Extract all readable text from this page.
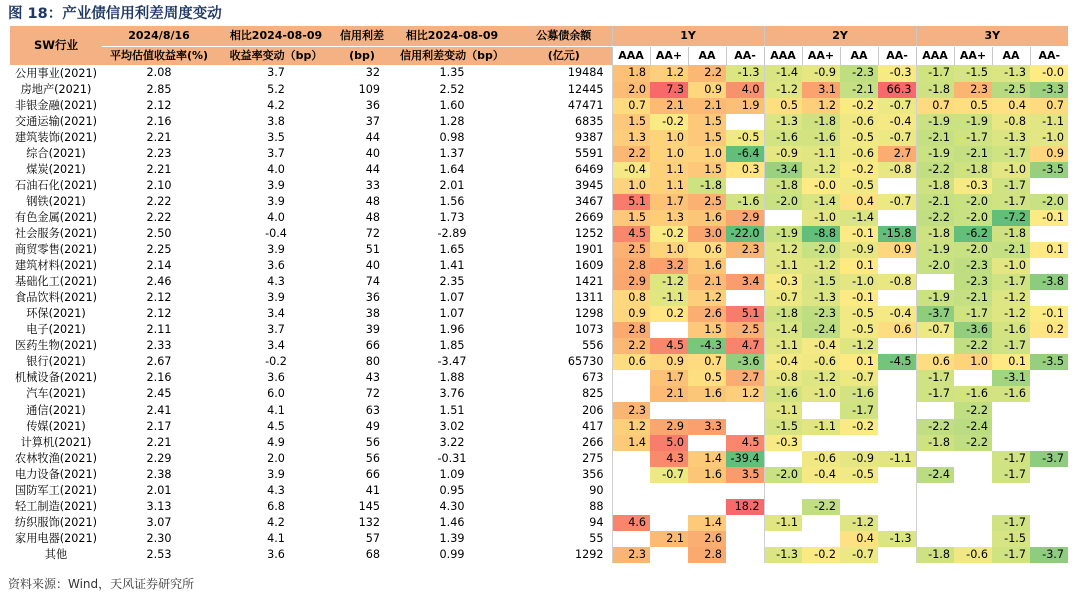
图 18：产业债信用利差周度变动
SW行业	2024/8/16	相比2024-08-09	信用利差	相比2024-08-09	公募债余额	1Y				2Y				3Y			
	平均估值收益率(%)	收益率变动（bp）	(bp)	信用利差变动（bp）	(亿元)	AAA	AA+	AA	AA-	AAA	AA+	AA	AA-	AAA	AA+	AA	AA-
公用事业(2021)	2.08	3.7	32	1.35	19484	1.8	1.2	2.2	-1.3	-1.4	-0.9	-2.3	-0.3	-1.7	-1.5	-1.3	-0.0
房地产(2021)	2.85	5.2	109	2.52	12445	2.0	7.3	0.9	4.0	-1.2	3.1	-2.1	66.3	-1.8	2.3	-2.5	-3.3
非银金融(2021)	2.12	4.2	36	1.60	47471	0.7	2.1	2.1	1.9	0.5	1.2	-0.2	-0.7	0.7	0.5	0.4	0.7
交通运输(2021)	2.16	3.8	37	1.28	6835	1.5	-0.2	1.5		-1.3	-1.8	-0.6	-0.4	-1.9	-1.9	-0.8	-1.1
建筑装饰(2021)	2.21	3.5	44	0.98	9387	1.3	1.0	1.5	-0.5	-1.6	-1.6	-0.5	-0.7	-2.1	-1.7	-1.3	-1.0
综合(2021)	2.23	3.7	40	1.37	5591	2.2	1.0	1.0	-6.4	-0.9	-1.1	-0.6	2.7	-1.9	-2.1	-1.7	0.9
煤炭(2021)	2.21	4.0	44	1.64	6469	-0.4	1.1	1.5	0.3	-3.4	-1.2	-0.2	-0.8	-2.2	-1.8	-1.0	-3.5
石油石化(2021)	2.10	3.9	33	2.01	3945	1.0	1.1	-1.8		-1.8	-0.0	-0.5		-1.8	-0.3	-1.7	
钢铁(2021)	2.22	3.9	48	1.56	3467	5.1	1.7	2.5	-1.6	-2.0	-1.4	0.4	-0.7	-2.1	-2.0	-1.7	-2.0
有色金属(2021)	2.22	4.0	48	1.73	2669	1.5	1.3	1.6	2.9		-1.0	-1.4		-2.2	-2.0	-7.2	-0.1
社会服务(2021)	2.50	-0.4	72	-2.89	1252	4.5	-0.2	3.0	-22.0	-1.9	-8.8	-0.1	-15.8	-1.8	-6.2	-1.8	
商贸零售(2021)	2.25	3.9	51	1.65	1901	2.5	1.0	0.6	2.3	-1.2	-2.0	-0.9	0.9	-1.9	-2.0	-2.1	0.1
建筑材料(2021)	2.14	3.6	40	1.41	1609	2.8	3.2	1.6		-1.1	-1.2	0.1		-2.0	-2.3	-1.0	
基础化工(2021)	2.46	4.3	74	2.35	1421	2.9	-1.2	2.1	3.4	-0.3	-1.5	-1.0	-0.8		-2.3	-1.7	-3.8
食品饮料(2021)	2.12	3.9	36	1.07	1311	0.8	-1.1	1.2		-0.7	-1.3	-0.1		-1.9	-2.1	-1.2	
环保(2021)	2.12	3.4	38	1.07	1298	0.9	0.2	2.6	5.1	-1.8	-2.3	-0.5	-0.4	-3.7	-1.7	-1.2	-0.1
电子(2021)	2.11	3.7	39	1.96	1073	2.8		1.5	2.5	-1.4	-2.4	-0.5	0.6	-0.7	-3.6	-1.6	0.2
医药生物(2021)	2.33	3.4	66	1.85	556	2.2	4.5	-4.3	4.7	-1.1	-0.4	-1.2			-2.2	-1.7	
银行(2021)	2.67	-0.2	80	-3.47	65730	0.6	0.9	0.7	-3.6	-0.4	-0.6	0.1	-4.5	0.6	1.0	0.1	-3.5
机械设备(2021)	2.16	3.6	43	1.88	673		1.7	0.5	2.7	-0.8	-1.2	-0.7		-1.7		-3.1	
汽车(2021)	2.45	6.0	72	3.76	825		2.1	1.6	1.2	-1.6	-1.0	-1.6		-1.7	-1.6	-1.6	
通信(2021)	2.41	4.1	63	1.51	206	2.3				-1.1		-1.7			-2.2		
传媒(2021)	2.17	4.5	49	3.02	417	1.2	2.9	3.3		-1.5	-1.1	-0.2		-2.2	-2.4		
计算机(2021)	2.21	4.9	56	3.22	266	1.4	5.0		4.5	-0.3				-1.8	-2.2		
农林牧渔(2021)	2.29	2.0	56	-0.31	275		4.3	1.4	-39.4		-0.6	-0.9	-1.1			-1.7	-3.7
电力设备(2021)	2.38	3.9	66	1.09	356		-0.7	1.6	3.5	-2.0	-0.4	-0.5		-2.4		-1.7	
国防军工(2021)	2.01	4.3	41	0.95	90												
轻工制造(2021)	3.13	6.8	145	4.30	88				18.2		-2.2						
纺织服饰(2021)	3.07	4.2	132	1.46	94	4.6		1.4		-1.1		-1.2				-1.7	
家用电器(2021)	2.30	4.1	57	1.39	55		2.1	2.6				0.4	-1.3			-1.5	
其他	2.53	3.6	68	0.99	1292	2.3		2.8		-1.3	-0.2	-0.7		-1.8	-0.6	-1.7	-3.7
资料来源：Wind，天风证券研究所
